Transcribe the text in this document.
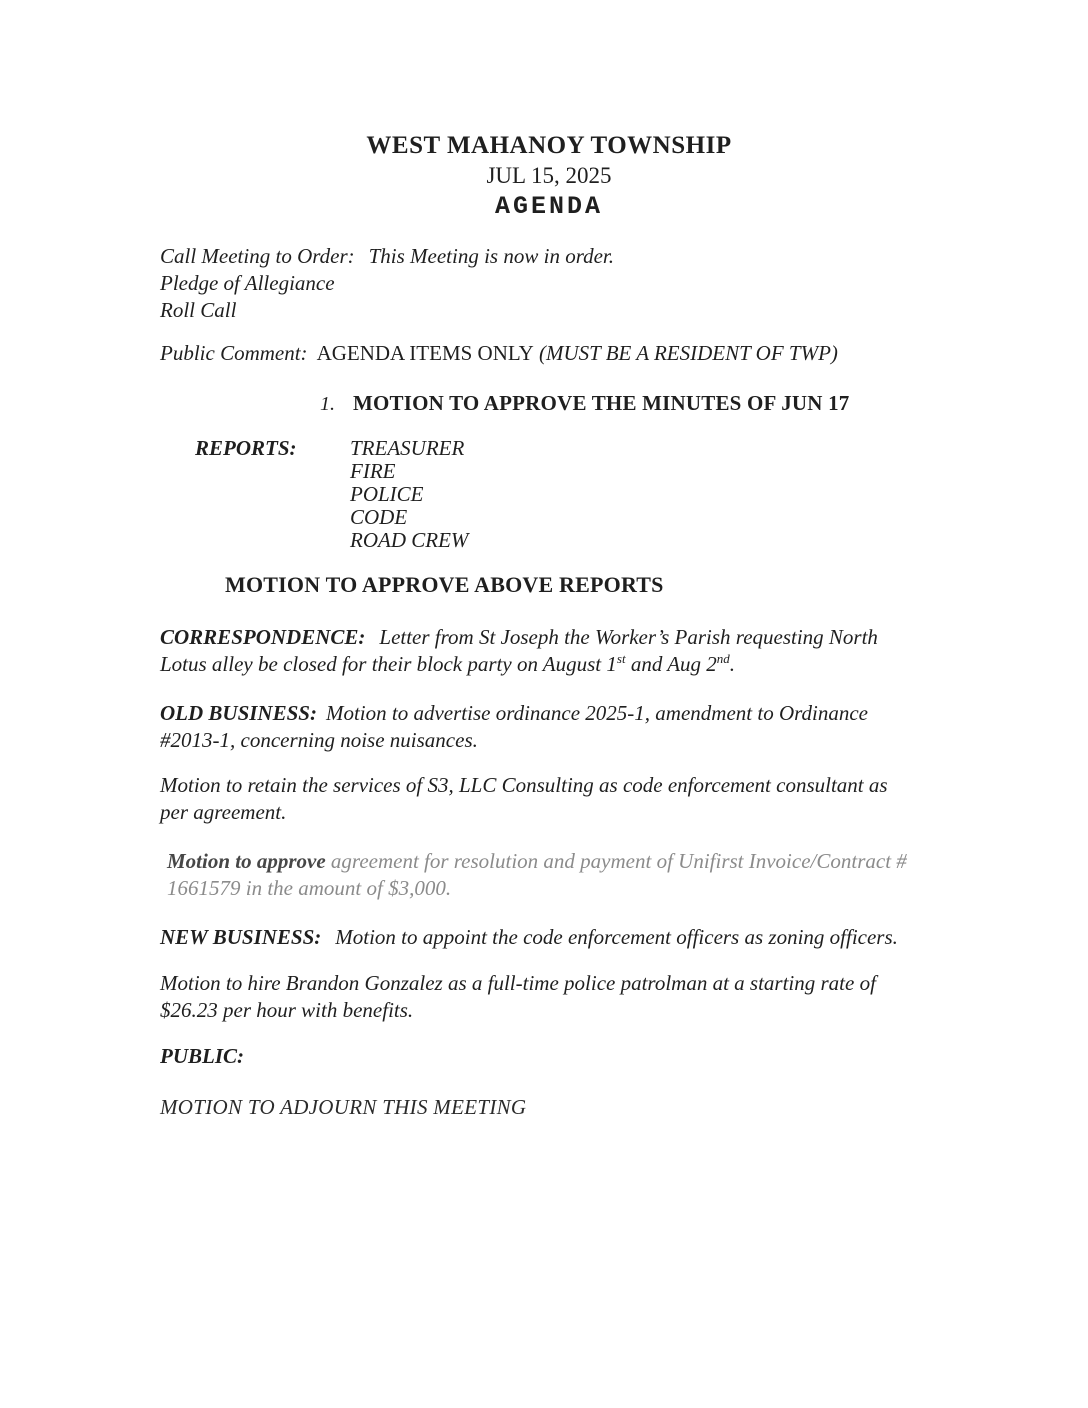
WEST MAHANOY TOWNSHIP
JUL 15, 2025
AGENDA
Call Meeting to Order: This Meeting is now in order.
Pledge of Allegiance
Roll Call
Public Comment: AGENDA ITEMS ONLY (MUST BE A RESIDENT OF TWP)
1. MOTION TO APPROVE THE MINUTES OF JUN 17
REPORTS:	TREASURER
FIRE
POLICE
CODE
ROAD CREW
MOTION TO APPROVE ABOVE REPORTS
CORRESPONDENCE: Letter from St Joseph the Worker’s Parish requesting North
Lotus alley be closed for their block party on August 1st and Aug 2nd.
OLD BUSINESS: Motion to advertise ordinance 2025-1, amendment to Ordinance
#2013-1, concerning noise nuisances.
Motion to retain the services of S3, LLC Consulting as code enforcement consultant as
per agreement.
Motion to approve agreement for resolution and payment of Unifirst Invoice/Contract #
1661579 in the amount of $3,000.
NEW BUSINESS: Motion to appoint the code enforcement officers as zoning officers.
Motion to hire Brandon Gonzalez as a full-time police patrolman at a starting rate of
$26.23 per hour with benefits.
PUBLIC:
MOTION TO ADJOURN THIS MEETING
